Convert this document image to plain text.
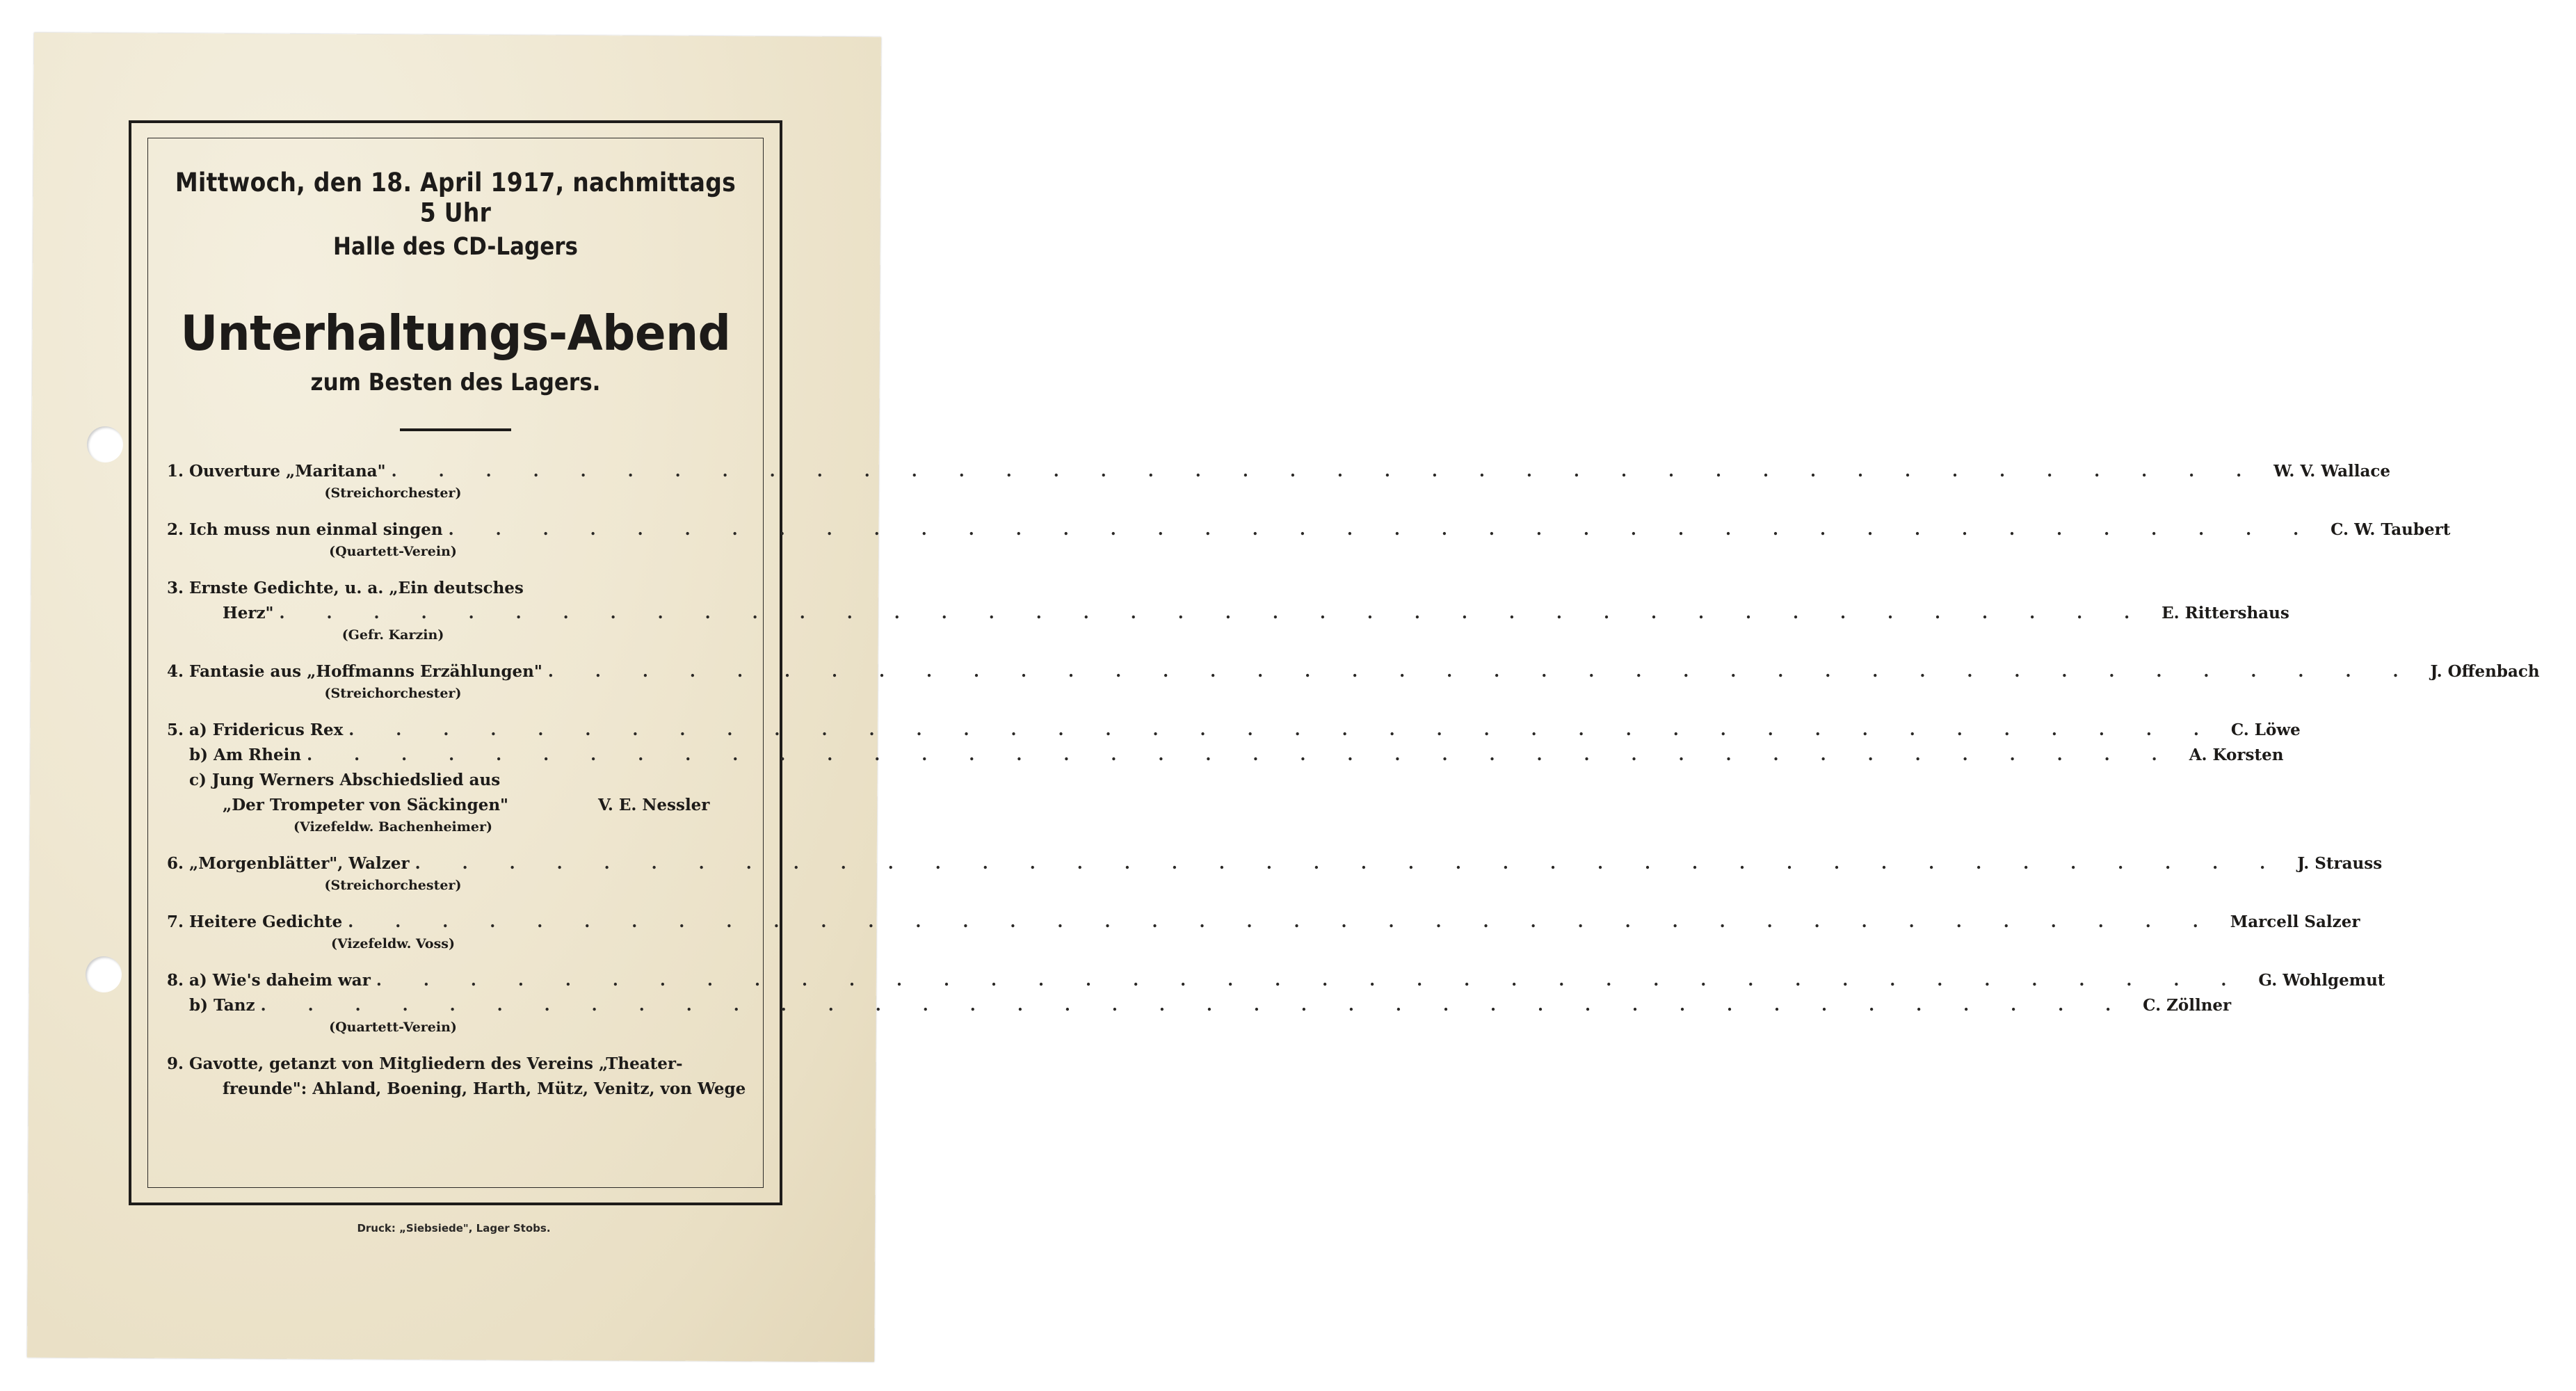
Mittwoch, den 18. April 1917, nachmittags 5 Uhr
Halle des CD-Lagers
Unterhaltungs-Abend
zum Besten des Lagers.
1. Ouverture „Maritana" . . . . . . . . . . . . . . . . . . . . . . . . . . . . . . . . . . . . . . . . W. V. Wallace
(Streichorchester)
2. Ich muss nun einmal singen . . . . . . . . . . . . . . . . . . . . . . . . . . . . . . . . . . . . . . . . C. W. Taubert
(Quartett-Verein)
3. Ernste Gedichte, u. a. „Ein deutsches
Herz" . . . . . . . . . . . . . . . . . . . . . . . . . . . . . . . . . . . . . . . . E. Rittershaus
(Gefr. Karzin)
4. Fantasie aus „Hoffmanns Erzählungen" . . . . . . . . . . . . . . . . . . . . . . . . . . . . . . . . . . . . . . . . J. Offenbach
(Streichorchester)
5. a) Fridericus Rex . . . . . . . . . . . . . . . . . . . . . . . . . . . . . . . . . . . . . . . . C. Löwe
b) Am Rhein . . . . . . . . . . . . . . . . . . . . . . . . . . . . . . . . . . . . . . . . A. Korsten
c) Jung Werners Abschiedslied aus
„Der Trompeter von Säckingen"	V. E. Nessler
(Vizefeldw. Bachenheimer)
6. „Morgenblätter", Walzer . . . . . . . . . . . . . . . . . . . . . . . . . . . . . . . . . . . . . . . . J. Strauss
(Streichorchester)
7. Heitere Gedichte . . . . . . . . . . . . . . . . . . . . . . . . . . . . . . . . . . . . . . . . Marcell Salzer
(Vizefeldw. Voss)
8. a) Wie's daheim war . . . . . . . . . . . . . . . . . . . . . . . . . . . . . . . . . . . . . . . . G. Wohlgemut
b) Tanz . . . . . . . . . . . . . . . . . . . . . . . . . . . . . . . . . . . . . . . . C. Zöllner
(Quartett-Verein)
9. Gavotte, getanzt von Mitgliedern des Vereins „Theater-
freunde": Ahland, Boening, Harth, Mütz, Venitz, von Wege
Druck: „Siebsiede", Lager Stobs.
